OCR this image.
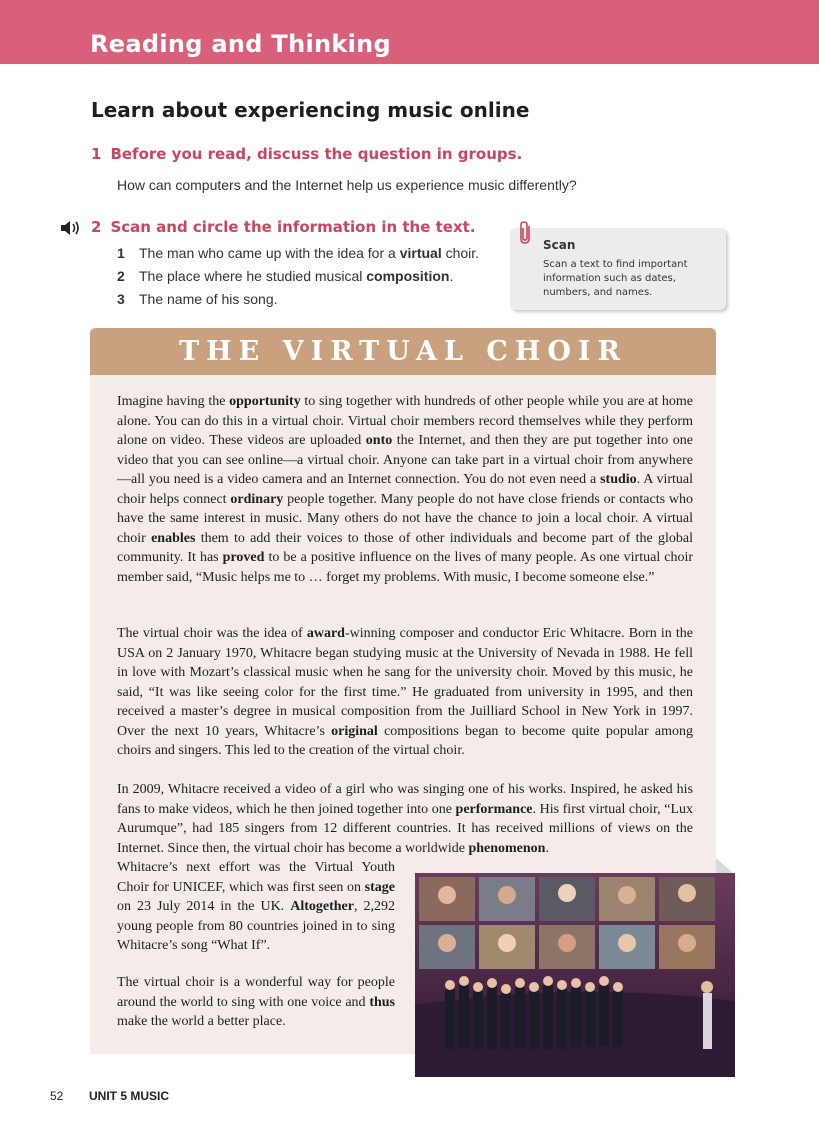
Reading and Thinking
Learn about experiencing music online
1 Before you read, discuss the question in groups.
How can computers and the Internet help us experience music differently?
2 Scan and circle the information in the text.
1 The man who came up with the idea for a virtual choir.
2 The place where he studied musical composition.
3 The name of his song.
Scan
Scan a text to find important information such as dates, numbers, and names.
THE VIRTUAL CHOIR

Imagine having the opportunity to sing together with hundreds of other people while you are at home alone. You can do this in a virtual choir. Virtual choir members record themselves while they perform alone on video. These videos are uploaded onto the Internet, and then they are put together into one video that you can see online—a virtual choir. Anyone can take part in a virtual choir from anywhere—all you need is a video camera and an Internet connection. You do not even need a studio. A virtual choir helps connect ordinary people together. Many people do not have close friends or contacts who have the same interest in music. Many others do not have the chance to join a local choir. A virtual choir enables them to add their voices to those of other individuals and become part of the global community. It has proved to be a positive influence on the lives of many people. As one virtual choir member said, “Music helps me to … forget my problems. With music, I become someone else.”

The virtual choir was the idea of award-winning composer and conductor Eric Whitacre. Born in the USA on 2 January 1970, Whitacre began studying music at the University of Nevada in 1988. He fell in love with Mozart’s classical music when he sang for the university choir. Moved by this music, he said, “It was like seeing color for the first time.” He graduated from university in 1995, and then received a master’s degree in musical composition from the Juilliard School in New York in 1997. Over the next 10 years, Whitacre’s original compositions began to become quite popular among choirs and singers. This led to the creation of the virtual choir.

In 2009, Whitacre received a video of a girl who was singing one of his works. Inspired, he asked his fans to make videos, which he then joined together into one performance. His first virtual choir, “Lux Aurumque”, had 185 singers from 12 different countries. It has received millions of views on the Internet. Since then, the virtual choir has become a worldwide phenomenon.

Whitacre’s next effort was the Virtual Youth Choir for UNICEF, which was first seen on stage on 23 July 2014 in the UK. Altogether, 2,292 young people from 80 countries joined in to sing Whitacre’s song “What If”.

The virtual choir is a wonderful way for people around the world to sing with one voice and thus make the world a better place.

52 UNIT 5 MUSIC
